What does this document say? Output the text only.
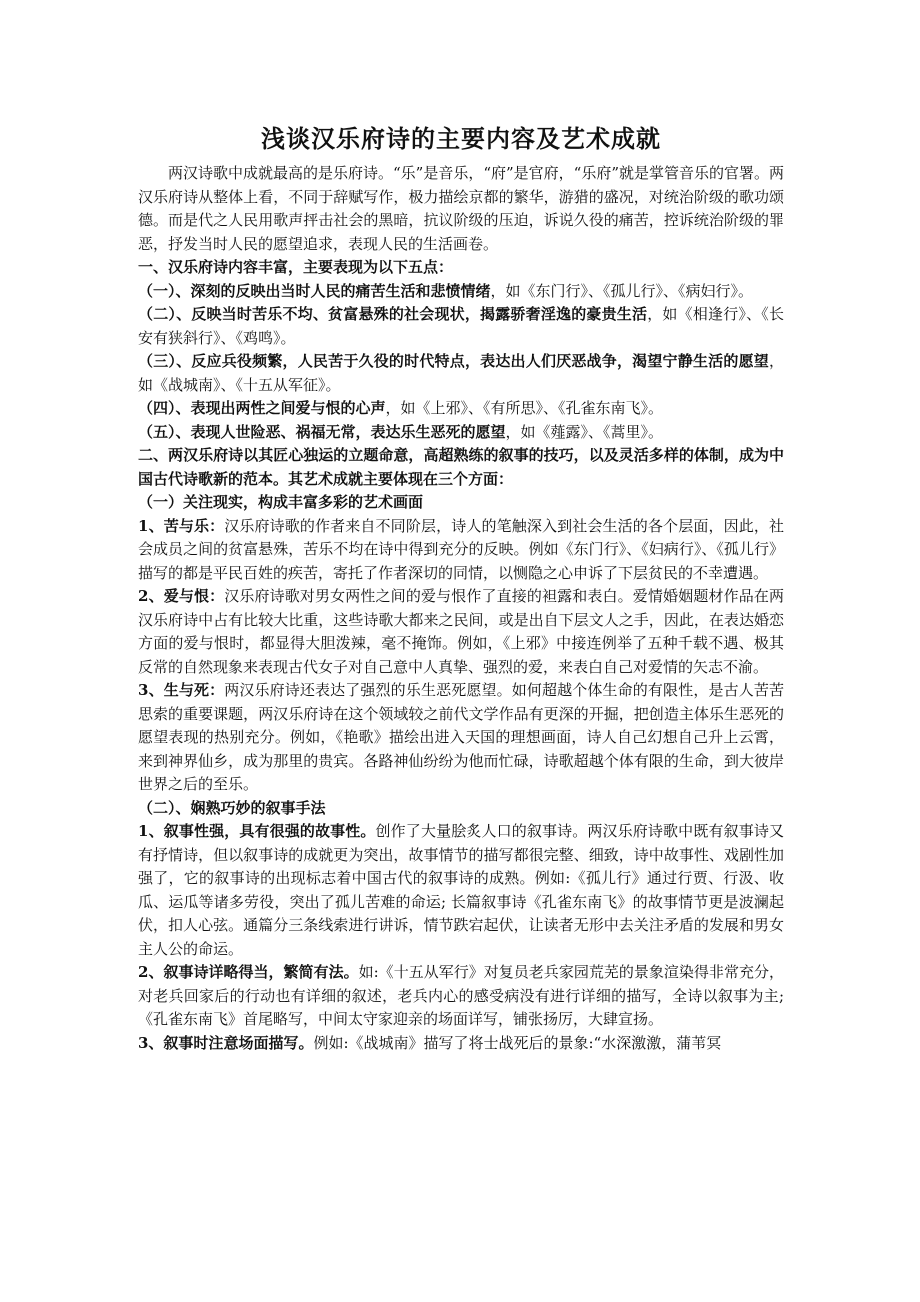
浅谈汉乐府诗的主要内容及艺术成就

两汉诗歌中成就最高的是乐府诗。“乐”是音乐，“府”是官府，“乐府”就是掌管音乐的官署。两汉乐府诗从整体上看，不同于辞赋写作，极力描绘京都的繁华，游猎的盛况，对统治阶级的歌功颂德。而是代之人民用歌声抨击社会的黑暗，抗议阶级的压迫，诉说久役的痛苦，控诉统治阶级的罪恶，抒发当时人民的愿望追求，表现人民的生活画卷。

一、汉乐府诗内容丰富，主要表现为以下五点：

（一）、深刻的反映出当时人民的痛苦生活和悲愤情绪，如《东门行》、《孤儿行》、《病妇行》。

（二）、反映当时苦乐不均、贫富悬殊的社会现状，揭露骄奢淫逸的豪贵生活，如《相逢行》、《长安有狭斜行》、《鸡鸣》。

（三）、反应兵役频繁，人民苦于久役的时代特点，表达出人们厌恶战争，渴望宁静生活的愿望，如《战城南》、《十五从军征》。

（四）、表现出两性之间爱与恨的心声，如《上邪》、《有所思》、《孔雀东南飞》。

（五）、表现人世险恶、祸福无常，表达乐生恶死的愿望，如《薤露》、《蒿里》。

二、两汉乐府诗以其匠心独运的立题命意，高超熟练的叙事的技巧，以及灵活多样的体制，成为中国古代诗歌新的范本。其艺术成就主要体现在三个方面：

（一）关注现实，构成丰富多彩的艺术画面

1、苦与乐：汉乐府诗歌的作者来自不同阶层，诗人的笔触深入到社会生活的各个层面，因此，社会成员之间的贫富悬殊，苦乐不均在诗中得到充分的反映。例如《东门行》、《妇病行》、《孤儿行》描写的都是平民百姓的疾苦，寄托了作者深切的同情，以恻隐之心申诉了下层贫民的不幸遭遇。

2、爱与恨：汉乐府诗歌对男女两性之间的爱与恨作了直接的袒露和表白。爱情婚姻题材作品在两汉乐府诗中占有比较大比重，这些诗歌大都来之民间，或是出自下层文人之手，因此，在表达婚恋方面的爱与恨时，都显得大胆泼辣，毫不掩饰。例如，《上邪》中接连例举了五种千载不遇、极其反常的自然现象来表现古代女子对自己意中人真挚、强烈的爱，来表白自己对爱情的矢志不渝。

3、生与死：两汉乐府诗还表达了强烈的乐生恶死愿望。如何超越个体生命的有限性，是古人苦苦思索的重要课题，两汉乐府诗在这个领域较之前代文学作品有更深的开掘，把创造主体乐生恶死的愿望表现的热别充分。例如，《艳歌》描绘出进入天国的理想画面，诗人自己幻想自己升上云霄，来到神界仙乡，成为那里的贵宾。各路神仙纷纷为他而忙碌，诗歌超越个体有限的生命，到大彼岸世界之后的至乐。

（二）、娴熟巧妙的叙事手法

1、叙事性强，具有很强的故事性。创作了大量脍炙人口的叙事诗。两汉乐府诗歌中既有叙事诗又有抒情诗，但以叙事诗的成就更为突出，故事情节的描写都很完整、细致，诗中故事性、戏剧性加强了，它的叙事诗的出现标志着中国古代的叙事诗的成熟。例如:《孤儿行》通过行贾、行汲、收瓜、运瓜等诸多劳役，突出了孤儿苦难的命运; 长篇叙事诗《孔雀东南飞》的故事情节更是波澜起伏，扣人心弦。通篇分三条线索进行讲诉，情节跌宕起伏，让读者无形中去关注矛盾的发展和男女主人公的命运。

2、叙事诗详略得当，繁简有法。如:《十五从军行》对复员老兵家园荒芜的景象渲染得非常充分，对老兵回家后的行动也有详细的叙述，老兵内心的感受病没有进行详细的描写，全诗以叙事为主;《孔雀东南飞》首尾略写，中间太守家迎亲的场面详写，铺张扬厉，大肆宣扬。

3、叙事时注意场面描写。例如:《战城南》描写了将士战死后的景象:“水深激激，蒲苇冥
